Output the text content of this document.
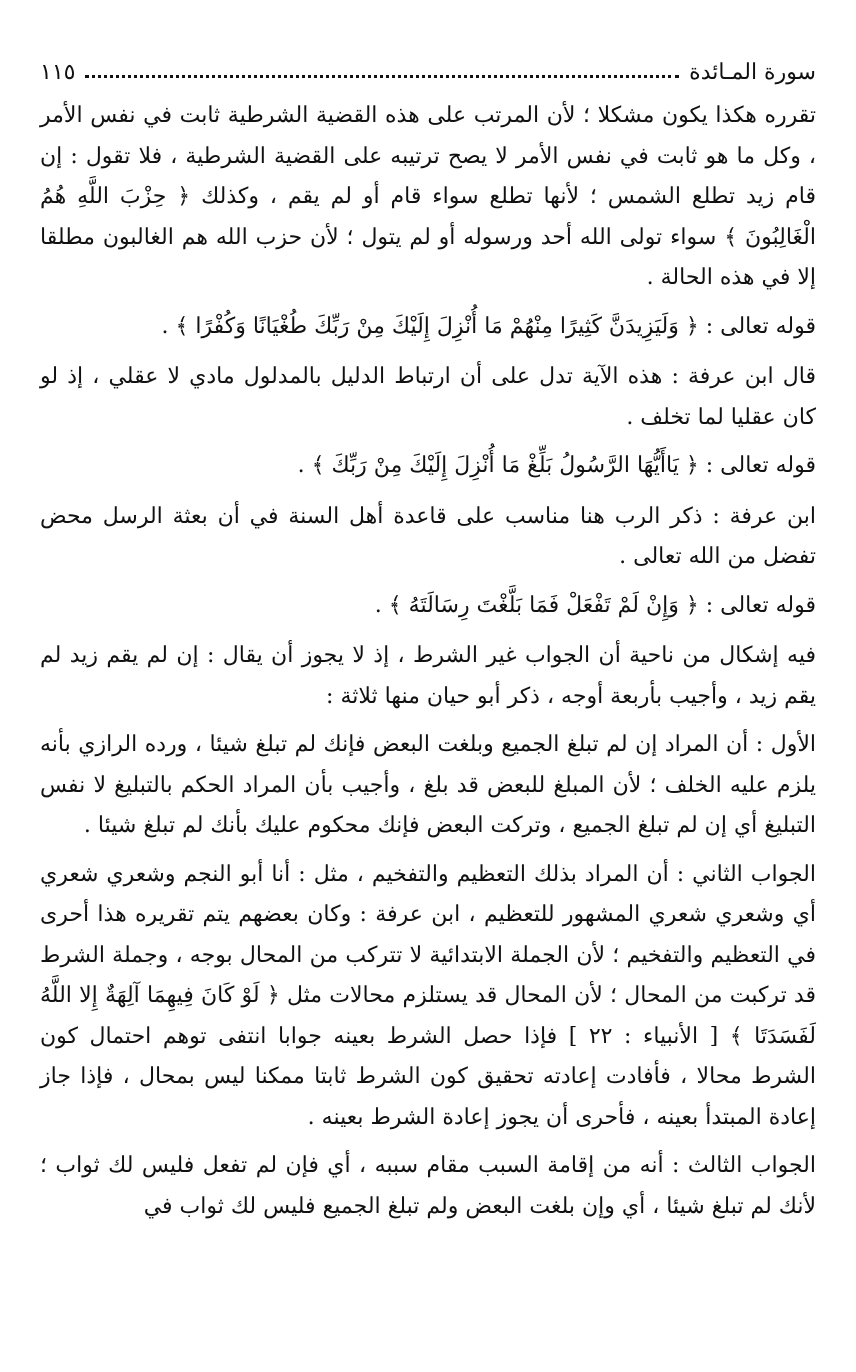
سورة المـائدة
١١٥

تقرره هكذا يكون مشكلا ؛ لأن المرتب على هذه القضية الشرطية ثابت في نفس الأمر ، وكل ما هو ثابت في نفس الأمر لا يصح ترتيبه على القضية الشرطية ، فلا تقول : إن قام زيد تطلع الشمس ؛ لأنها تطلع سواء قام أو لم يقم ، وكذلك ﴿ حِزْبَ اللَّهِ هُمُ الْغَالِبُونَ ﴾ سواء تولى الله أحد ورسوله أو لم يتول ؛ لأن حزب الله هم الغالبون مطلقا إلا في هذه الحالة .

قوله تعالى : ﴿ وَلَيَزِيدَنَّ كَثِيرًا مِنْهُمْ مَا أُنْزِلَ إِلَيْكَ مِنْ رَبِّكَ طُغْيَانًا وَكُفْرًا ﴾ .

قال ابن عرفة : هذه الآية تدل على أن ارتباط الدليل بالمدلول مادي لا عقلي ، إذ لو كان عقليا لما تخلف .

قوله تعالى : ﴿ يَاأَيُّهَا الرَّسُولُ بَلِّغْ مَا أُنْزِلَ إِلَيْكَ مِنْ رَبِّكَ ﴾ .

ابن عرفة : ذكر الرب هنا مناسب على قاعدة أهل السنة في أن بعثة الرسل محض تفضل من الله تعالى .

قوله تعالى : ﴿ وَإِنْ لَمْ تَفْعَلْ فَمَا بَلَّغْتَ رِسَالَتَهُ ﴾ .

فيه إشكال من ناحية أن الجواب غير الشرط ، إذ لا يجوز أن يقال : إن لم يقم زيد لم يقم زيد ، وأجيب بأربعة أوجه ، ذكر أبو حيان منها ثلاثة :

الأول : أن المراد إن لم تبلغ الجميع وبلغت البعض فإنك لم تبلغ شيئا ، ورده الرازي بأنه يلزم عليه الخلف ؛ لأن المبلغ للبعض قد بلغ ، وأجيب بأن المراد الحكم بالتبليغ لا نفس التبليغ أي إن لم تبلغ الجميع ، وتركت البعض فإنك محكوم عليك بأنك لم تبلغ شيئا .

الجواب الثاني : أن المراد بذلك التعظيم والتفخيم ، مثل : أنا أبو النجم وشعري شعري أي وشعري شعري المشهور للتعظيم ، ابن عرفة : وكان بعضهم يتم تقريره هذا أحرى في التعظيم والتفخيم ؛ لأن الجملة الابتدائية لا تتركب من المحال بوجه ، وجملة الشرط قد تركبت من المحال ؛ لأن المحال قد يستلزم محالات مثل ﴿ لَوْ كَانَ فِيهِمَا آلِهَةٌ إِلا اللَّهُ لَفَسَدَتَا ﴾ [ الأنبياء : ٢٢ ] فإذا حصل الشرط بعينه جوابا انتفى توهم احتمال كون الشرط محالا ، فأفادت إعادته تحقيق كون الشرط ثابتا ممكنا ليس بمحال ، فإذا جاز إعادة المبتدأ بعينه ، فأحرى أن يجوز إعادة الشرط بعينه .

الجواب الثالث : أنه من إقامة السبب مقام سببه ، أي فإن لم تفعل فليس لك ثواب ؛ لأنك لم تبلغ شيئا ، أي وإن بلغت البعض ولم تبلغ الجميع فليس لك ثواب في
